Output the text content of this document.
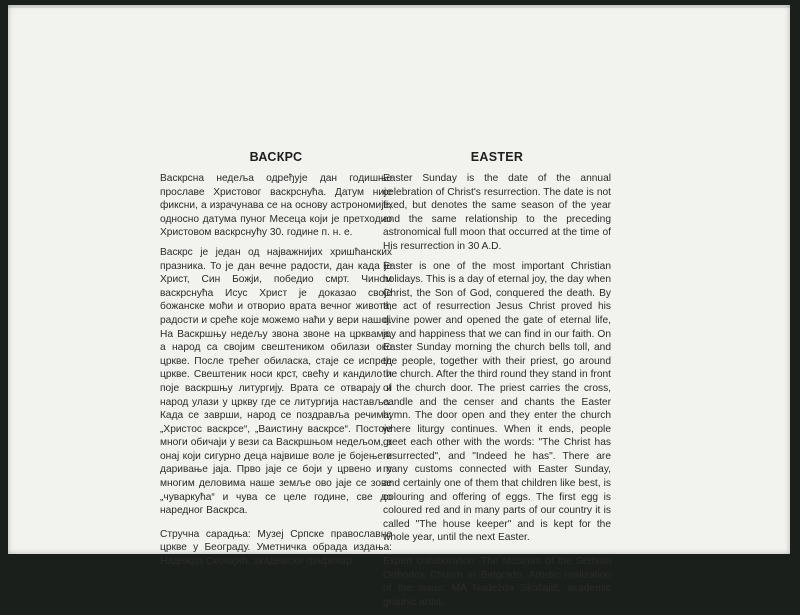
ВАСКРС

Васкрсна недеља одређује дан годишње прославе Христовог васкрснућа. Датум није фиксни, а израчунава се на основу астрономије, односно датума пуног Месеца који је претходио Христовом васкрснућу 30. године п. н. е.

Васкрс је један од најважнијих хришћанских празника. То је дан вечне радости, дан када је Христ, Син Божји, победио смрт. Чином васкрснућа Исус Христ је доказао своје божанске моћи и отворио врата вечног живота, радости и среће које можемо наћи у вери нашој. На Васкршњу недељу звона звоне на црквама, а народ са својим свештеником обилази око цркве. После трећег обиласка, стаје се испред цркве. Свештеник носи крст, свећу и кандило и поје васкршњу литургију. Врата се отварају и народ улази у цркву где се литургија наставља. Када се заврши, народ се поздравља речима: „Христос васкрсе“, „Ваистину васкрсе“. Постоје многи обичаји у вези са Васкршњом недељом, а онај који сигурно деца највише воле је бојење и даривање јаја. Прво јаје се боји у црвено и у многим деловима наше земље ово јаје се зове „чуваркућа“ и чува се целе године, све до наредног Васкрса.

Стручна сарадња: Музеј Српске православне цркве у Београду. Уметничка обрада издања: Надежда Скочајић, академски графичар.

EASTER

Easter Sunday is the date of the annual celebration of Christ's resurrection. The date is not fixed, but denotes the same season of the year and the same relationship to the preceding astronomical full moon that occurred at the time of His resurrection in 30 A.D.

Easter is one of the most important Christian holidays. This is a day of eternal joy, the day when Christ, the Son of God, conquered the death. By the act of resurrection Jesus Christ proved his divine power and opened the gate of eternal life, joy and happiness that we can find in our faith. On Easter Sunday morning the church bells toll, and the people, together with their priest, go around the church. After the third round they stand in front of the church door. The priest carries the cross, candle and the censer and chants the Easter hymn. The door open and they enter the church where liturgy continues. When it ends, people greet each other with the words: "The Christ has resurrected", and "Indeed he has". There are many customs connected with Easter Sunday, and certainly one of them that children like best, is colouring and offering of eggs. The first egg is coloured red and in many parts of our country it is called "The house keeper" and is kept for the whole year, until the next Easter.

Expert collaboration: The Museum of the Serbian Orthodox Church in Belgrade. Artistic realization of the issue: MA Nadežda Skočajić, academic graphic artist.
